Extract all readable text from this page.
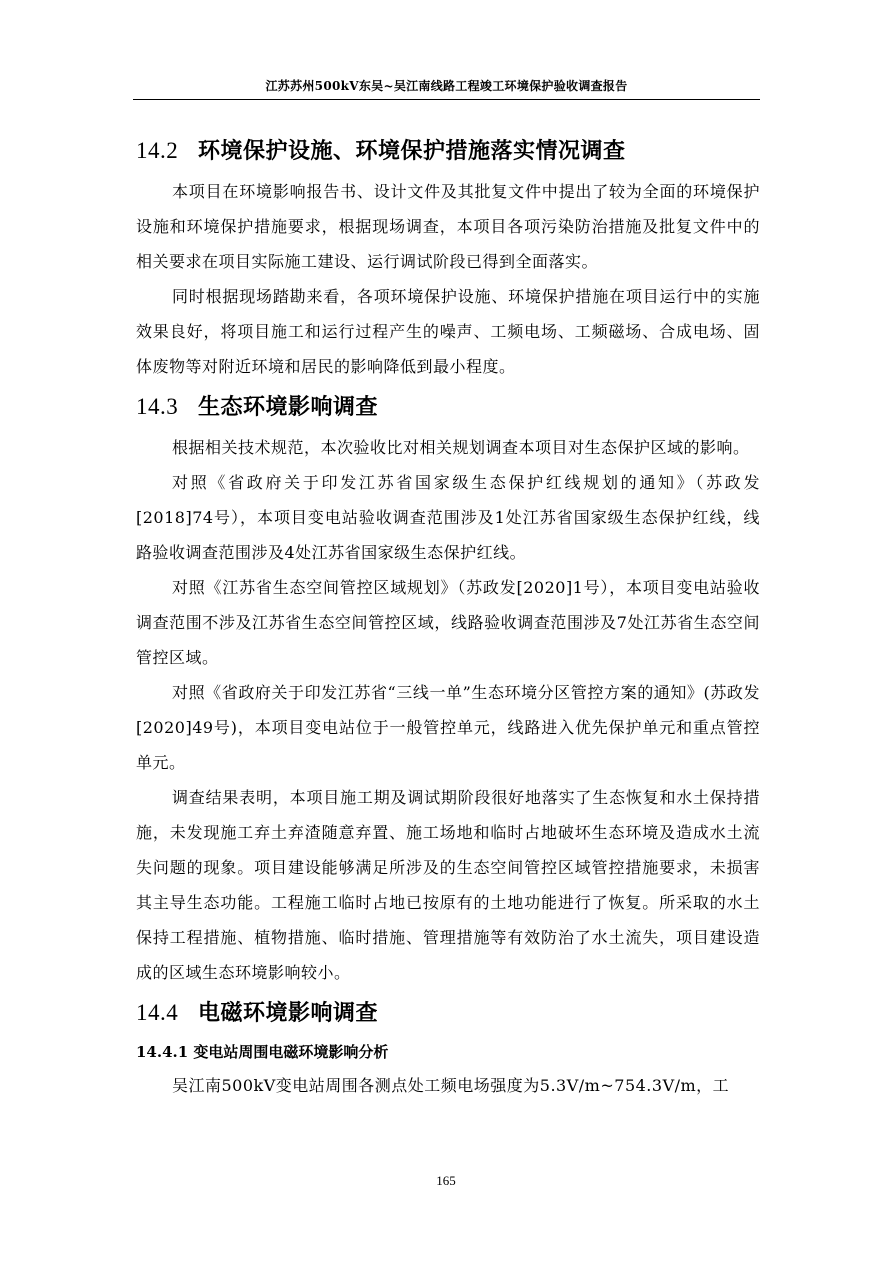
江苏苏州500kV东吴~吴江南线路工程竣工环境保护验收调查报告
14.2 环境保护设施、环境保护措施落实情况调查

本项目在环境影响报告书、设计文件及其批复文件中提出了较为全面的环境保护设施和环境保护措施要求，根据现场调查，本项目各项污染防治措施及批复文件中的相关要求在项目实际施工建设、运行调试阶段已得到全面落实。

同时根据现场踏勘来看，各项环境保护设施、环境保护措施在项目运行中的实施效果良好，将项目施工和运行过程产生的噪声、工频电场、工频磁场、合成电场、固体废物等对附近环境和居民的影响降低到最小程度。

14.3 生态环境影响调查

根据相关技术规范，本次验收比对相关规划调查本项目对生态保护区域的影响。

对照《省政府关于印发江苏省国家级生态保护红线规划的通知》（苏政发[2018]74号），本项目变电站验收调查范围涉及1处江苏省国家级生态保护红线，线路验收调查范围涉及4处江苏省国家级生态保护红线。

对照《江苏省生态空间管控区域规划》（苏政发[2020]1号），本项目变电站验收调查范围不涉及江苏省生态空间管控区域，线路验收调查范围涉及7处江苏省生态空间管控区域。

对照《省政府关于印发江苏省“三线一单”生态环境分区管控方案的通知》(苏政发[2020]49号)，本项目变电站位于一般管控单元，线路进入优先保护单元和重点管控单元。

调查结果表明，本项目施工期及调试期阶段很好地落实了生态恢复和水土保持措施，未发现施工弃土弃渣随意弃置、施工场地和临时占地破坏生态环境及造成水土流失问题的现象。项目建设能够满足所涉及的生态空间管控区域管控措施要求，未损害其主导生态功能。工程施工临时占地已按原有的土地功能进行了恢复。所采取的水土保持工程措施、植物措施、临时措施、管理措施等有效防治了水土流失，项目建设造成的区域生态环境影响较小。

14.4 电磁环境影响调查
14.4.1 变电站周围电磁环境影响分析

吴江南500kV变电站周围各测点处工频电场强度为5.3V/m~754.3V/m，工

165
